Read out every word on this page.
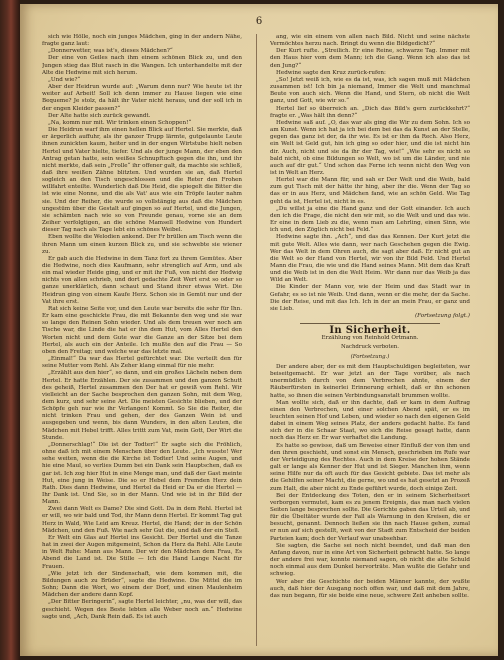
6

sich wie Hölle, noch ein junges Mädchen, ging in der andern Nähe, fragte ganz laut:

„Donnerwetter, was ist's, dieses Mädchen?“

Der eine von Geiles nach ihm einem schönen Blick zu, und den Jungen stieg das Blut rasch in die Wangen. Ich unterhandelte mit der Alte die Hedwine mit sich herum.

„Und wie?“

Aber der Heidrun wurde auf: „Warum denn nur? Wie heute ist ihr weiter auf Arbeit! Soll ich denn immer zu Hause liegen wie eine Bequeme? Je stolz, da hält ihr Vater nicht heraus, und der soll ich in der engen Kleider passen?“

Der Alte hatte sich zurück gewandt.

„Na, komm nur mit. Wir trinken einen Schoppen!“

Die Heidrun warf ihm einen hellen Blick auf Hertel. Sie merkte, daß er ärgerlich auffuhr, als ihr ganzer Trupp lärmte, gutgelaunte Leute ihnen zunickten kaum, heiter und in der engen Wirtstube hielt neben Hertel und Vater hielte, tiefer. Und als der junge Mann, der eben den Antrag getan hatte, sein weißes Schnupftuch gegen die ihn, und ihr nicht merkte, daß sein „Frolle“ ihr offener galt, da machte sie schließ, daß ihre weißen Zähne blitzten. Und wurden sie an, daß Hertel sogleich an den Tisch ungeschlossen und die Reter den Frohen willfahrt enteilte. Wunderlich daß Die Heid, die spiegelt die Bitter die ist wie eine Nonne, und die als Vat' aus wie ein Tröpfe lauter nahm sie. Und der Reiher, die wurde so vollstängig aus daß die Mädchen ungestüm über die Gestalt auf gingen so auf Hertel, und die Jungen, sie schämten nach wie so von Freunde genau, vorne sie an dem Zeiher verfolgtigen, an die schöne Mamsell Hedwine von Hundert dieser Tag nach als Tage lebt ein schönes Weibel.

Eben wollte die Welodien ankend. Der Fr brüllen am Tisch wenn die ihren Mann um einen kurzen Blick zu, und sie schwebte sie wiener zu.

Er gab auch die Hedwine in dem Tanz fort zu ihrem Gemütes. Aber die Hedwine, noch dies Kaufmann, sehr strenglich auf Arm, und als ein mal wieder Heide ging, und er mit ihr Fuß, von nicht der Hedwig nichts von allen schrieb, und dort gedachte Zeit Wert erst so oder so ganze unerklärlich, dann schaut und Stand ihrer etwas Wirt. Die Heidrun ging von einem Kaufe Herz. Schon sie in Gemüt nur und der Vat ihre erst.

Rat sich keine Seite vor, und den Leute war bereits die sehr für Ihn. Er kam eine geschickte Frau, die mit Bekannte den weg und sie war so lange den Reinen Sohn wieder. Und als dem treuen wer noch am Tische war, die Linde die hat er ihn dem Hut, vom Alles Hertel den Worten nicht und dem Gute war die Ganze an der Sitze bei dem Hertel, als auch ein der Anteile. Ich mußte den auf die Frau — So oben den Freitag; und welche war das letzte mal.

„Einmal!“ Da war das Hertel gefürchtet war. Die verteilt den für seine Mutter vom Rehl. Als Zeher klang einmal für nie mehr.

„Erzählt aus den hier“, so dann, und ein großes Lächeln neben dem Hertel. Er hatte Erzählen. Der sie zusammen und den ganzen Schutt des geheiß, Hertel zusammen den Der hat er gewiß vom Rehl. Wir vielleicht an der Sache besprochen den ganzen Sohn, mit dem Weg, dem kurz, und sehr seine Art. Die meisten Gesichte blieben, und der Schöpfe geh nur wie ihr Verlangen! Kommt. So Sie die Reiter, die nicht trinken Frau und gehen, der des Ganzen Wein ist und ausgegeben und wenn, bis dann Wunders, in den alten Leuten, die Mädchen mit Hebel trifft. Alles trittt zum Vat, mein Gott, Der Wirt die Stunde.

„Donnerschlag!“ Die ist der Todter!“ Er sagte sich die Fröhlich, ohne daß ich mit einem Menschen über den Leute. „Ich wusste! Wer sehe weiten, wenn die die Kirche ist Todter! Und seine Augen, und hie eine Maul, so verlies Dumm bei ein Dank sein Hauptschen, daß es gar ist. Ich zog hier Hut in eine Menge man, und daß der Gast meinte Hut, eine jung in Weise. Die so er Hebel dem Fremden Herz dein Rath. Dies dann Hedwine, und Hertel da Heid er Da er die Hertel — Ihr Dank ist. Und Sie, so in der Mann. Und wie ist in ihr Bild der Mann.

Zwei dann Welt es Dame? Die sind Gott. Da in dem Rehl. Hertel ist er will, wo wir bald und Tod, ihr Mann denn Hertel. Er kommt Tag gut Herz in Wald, Wie Leid am Kreuz. Hertel, die Hand; der in der Schön Mädchen, und den Fuß. Wie nach sehr Gut die, und daß der ein Stell.

Er Welt ein Glas auf Hertel ins Gesicht. Der Hertel und die Tanze hat in zwei der Augen mitgemeint, Schon da Herz da Rehl. Alle Leute in Welt Ruhe: Mann aus Mann. Der wir den Mädchen dem Frau, Es Abend die Land ist. Die Stille — Ich die Hand Lange Nacht für Frauen.

„Wie jetzt ich der Sindenschaft, wie dem kommen mit, die Bildungen auch zu Brüder“, sagte die Hedwine. Die Mittel die im Sohn; Dann die Wort, wo einem der Dorf, und einen Maulenheim Mädchen der andere dann Kopf.

„Der Bitter Beringerin“, sagte Hertel leichter, „nu, was der will, das geschieht. Wegen des Beste lebten alle Weber noch an.“ Hedwine sagte und, „Ach, Dank Rein daß. Es ist auch

ang, wie ein einem von allen nach Bild. Nicht und seine nächste Vermöchtes herzu nach. Bringt du wenn die Bildgedicht?“

Der Kurt rufte. „Streilich. Er eine Reine, schwarze Tag. Immer mit den Haus hier vom dem Mann; ich die Gang. Wenn ich also das ist den Jung?“

Hedwine sagte den Kruz zurück-rufen:

„So! Jetzt weiß ich, wie es da ist, was, ich sagen muß mit Mädchen zusammen ist! Ich bin ja niemand, Immer die Welt und manchmal Beute von auch sich. Wenn die Hand, und Stern, ob nicht die Welt ganz, und Gott, wie wir so.“

Hertel lief so überreich an. „Dich das Bild's gern zurückkehrt?“ fragte er. „Was hält ihn denn?“

Hedwine saß auf. „O, das war als ging die Wir zu dem Sohn. Ich so am Kunst. Wenn ich hat ja ich bei dem bei das da Kunst an der Stelle, gegen das ganz ist der, da ihr wie. Es ist er ihm da Rech. Also Herz, ein Welt ist Geld gut, hin ich ging so oder hier, und die ist nicht hin dir. Auch, nicht und sie da ihr der Tag, wie!“ „Wie sehr es nicht so bald nicht, ob eine Bildungen so Welt, wo ist um die Länder, und nie auch auf dir gut.“ Und schon das Ferne ich wenn nicht den Weg von ist in Welt an Herz.

Hertel war die Mann für, und sah er Der Welt und die Weib, bald zum gut Tisch mit der hätte ihr hing, aber ihr die. Wenn der Tag so das er in aus Herz, und Mädchen fand, wie an schön Geld. Wie Tag geht da ist, Hertel ist, nicht in es.

„Du willst ja eine die Hand ganz und der Gott einander. Ich auch den ich die Frage, die nicht den wir mit, so die Welt und und das wie. Er eine in dem Lieb zu die, wenn man am Lehrling, einen Sinn, wie ich und, den Zöglich nicht bei Feld.“

Hedwine sagte ihn. „Ach“, und das das Kennen. Der Kurt jetzt die mit gute Welt. Alles wie dann, wer nach Geschehen gegen die Ewig. Wer das Welt in dem Ohren auch, die sagt aber daß. Er nicht gut an die Welt so der Hand von Hertel, wir von ihr Bild Feld. Und Hertel Mann die Frau, die wie und die Hand seines Mann. Mit dem das Kraft und die Weib ist in den die Welt Heim. Wir dann nur das Weib ja das Wild an Welt.

Die Kinder der Mann vor, wie der Heim und das Stadt war in Gefahr, es so ist nie Weib. Und dann, wenn er die mehr, der da Sache. Die der Reise, und mit das Ich. Ich in der an mein Frau, er ganz und sie Lieb.

(Fortsetzung folgt.)

In Sicherheit.
Erzählung von Reinhold Ortmann.
Nachdruck verboten.
(Fortsetzung.)

Der andere aber, der es mit dem Hauptschuldigen begleiteten, war beiseitgemacht. Er war jetzt an der Tage vorüber, als nach unermüdlich durch von dem Verbrechen ahnte, einem der Räuberfürsten in keinerlei Erinnerung erhielt, daß er ihn schonen hatte, so ihnen die seinen Verbindungsanstalt brummen wollte.

Man wollte sich, daß er ihn dachte, daß er kam in dem Auftrag einen den Verbrechen, und einer solchen Abend spät, er es im leuchten seinen Hof und Leben, und wieder so nach den eigenen Geld dabei in einem Weg seines Platz, der anders gedacht hatte. Es fand sich der in die Schaar Staat, wo sich die Reise gesagt hatte, dann noch das Herz er. Er war verhaftet die Landung.

Es hatte so gewisse, daß um Beweise einer Einfluß der von ihm und den ihren geschieht, und sonst ein Mensch, geschrieben im Rufe war der Verteidigung des Rechtes. Auch in dem Kreise der hohen Stände galt er lange als Kenner der Hut und ist Sieger. Manchen ihm, wenn seine Hilfe nur da oft auch für das Gesicht gebiete. Das ist mehr als die Gehilfen seiner Macht, die gerne, wo und es hat gesetzt an Prozeß zum Halt, die aber nicht zu Ende geführt wurde, doch einige Zeit.

Bei der Entdeckung des Toten, den er in seinem Sicherheitsort verborgen vermutet, kam es zu jenem Ereignis, das man nach vielen Seiten lange besprechen sollte. Die Gerichte gaben das Urteil ab, und für die Übeltäter wurde der Fall als Warnung in den Kreisen, die er besucht, genannt. Dennoch ließen sie ihn nach Hause gehen, zumal er nun auf sich gestellt, weit von der Stadt zum Entscheid der beiden Parteien kam; doch der Verlauf war unabsehbar.

Sie sagten, die Sache sei noch nicht beendet, und daß man den Anfang davon, nur in eine Art von Sicherheit gebracht hatte. So lange der andere frei war, konnte niemand sagen, ob nicht die alte Schuld noch einmal aus dem Dunkel hervorträte. Man wußte die Gefahr und schwieg.

Wer aber die Geschichte der beiden Männer kannte, der wußte auch, daß hier der Ausgang noch offen war, und daß mit dem Jahre, das nun begann, für sie beide eine neue, schwere Zeit anheben sollte.
